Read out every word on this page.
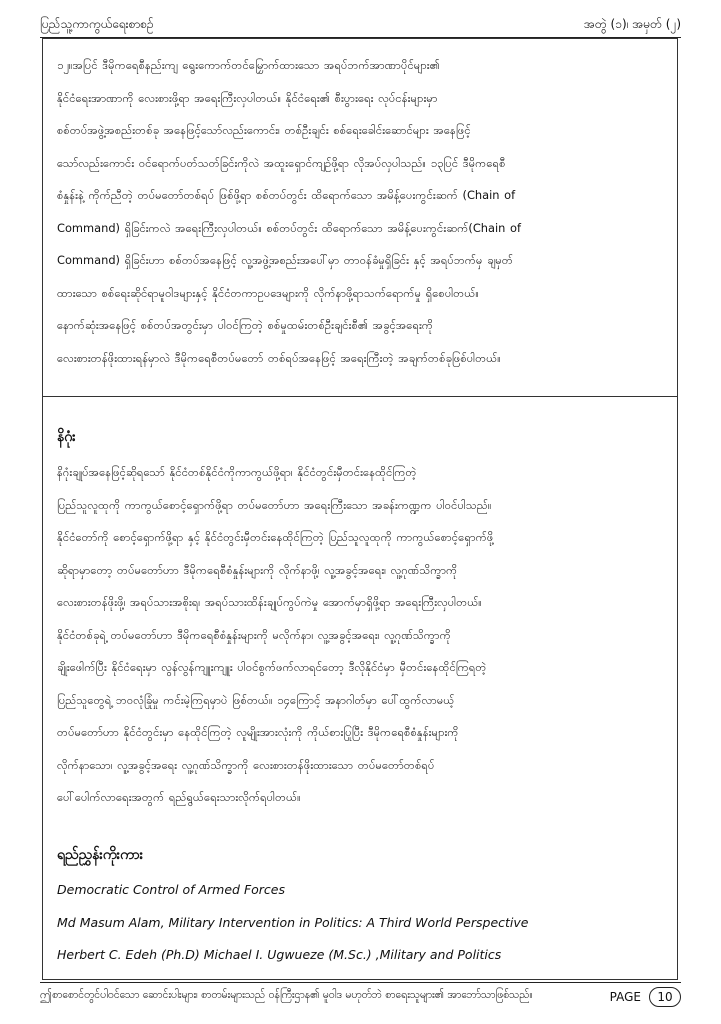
ပြည်သူ့ကာကွယ်ရေးစာစဉ်	အတွဲ (၁)၊ အမှတ် (၂)

၁၂။အပြင် ဒီမိုကရေစီနည်းကျ ရွေးကောက်တင်မြှောက်ထားသော အရပ်ဘက်အာဏာပိုင်များ၏
နိုင်ငံရေးအာဏာကို လေးစားဖို့ရာ အရေးကြီးလှပါတယ်။ နိုင်ငံရေး၏ စီးပွားရေး လုပ်ငန်းများမှာ
စစ်တပ်အဖွဲ့အစည်းတစ်ခု အနေဖြင့်သော်လည်းကောင်း၊ တစ်ဦးချင်း စစ်ရေးခေါင်းဆောင်များ အနေဖြင့်
သော်လည်းကောင်း ဝင်ရောက်ပတ်သတ်ခြင်းကိုလဲ အထူးရှောင်ကျဉ်ဖို့ရာ လိုအပ်လှပါသည်။ ၁၃ပြင် ဒီမိုကရေစီ
စံနှုန်းနဲ့ ကိုက်ညီတဲ့ တပ်မတော်တစ်ရပ် ဖြစ်ဖို့ရာ စစ်တပ်တွင်း ထိရောက်သော အမိန့်ပေးကွင်းဆက် (Chain of
Command) ရှိခြင်းကလဲ အရေးကြီးလှပါတယ်။ စစ်တပ်တွင်း ထိရောက်သော အမိန့်ပေးကွင်းဆက်(Chain of
Command) ရှိခြင်းဟာ စစ်တပ်အနေဖြင့် လူ့အဖွဲ့အစည်းအပေါ်မှာ တာဝန်ခံမှုရှိခြင်း နှင့် အရပ်ဘက်မှ ချမှတ်
ထားသော စစ်ရေးဆိုင်ရာမူဝါဒများနှင့် နိုင်ငံတကာဥပဒေများကို လိုက်နာဖို့ရာသက်ရောက်မှု ရှိစေပါတယ်။
နောက်ဆုံးအနေဖြင့် စစ်တပ်အတွင်းမှာ ပါဝင်ကြတဲ့ စစ်မှုထမ်းတစ်ဦးချင်းစီ၏ အခွင့်အရေးကို
လေးစားတန်ဖိုးထားရန်မှာလဲ ဒီမိုကရေစီတပ်မတော် တစ်ရပ်အနေဖြင့် အရေးကြီးတဲ့ အချက်တစ်ခုဖြစ်ပါတယ်။

နိဂုံး

နိဂုံးချုပ်အနေဖြင့်ဆိုရသော် နိုင်ငံတစ်နိုင်ငံကိုကာကွယ်ဖို့ရာ၊ နိုင်ငံတွင်းမှီတင်းနေထိုင်ကြတဲ့
ပြည်သူလူထုကို ကာကွယ်စောင့်ရှောက်ဖို့ရာ တပ်မတော်ဟာ အရေးကြီးသော အခန်းကဏ္ဍက ပါဝင်ပါသည်။
နိုင်ငံတော်ကို စောင့်ရှောက်ဖို့ရာ နှင့် နိုင်ငံတွင်းမှီတင်းနေထိုင်ကြတဲ့ ပြည်သူလူထုကို ကာကွယ်စောင့်ရှောက်ဖို့
ဆိုရာမှာတော့ တပ်မတော်ဟာ ဒီမိုကရေစီစံနှုန်းများကို လိုက်နာဖို့၊ လူ့အခွင့်အရေး၊ လူ့ဂုဏ်သိက္ခာကို
လေးစားတန်ဖိုးဖို့၊ အရပ်သားအစိုးရ၊ အရပ်သားထိန်းချုပ်ကွပ်ကဲမှု အောက်မှာရှိဖို့ရာ အရေးကြီးလှပါတယ်။
နိုင်ငံတစ်ခုရဲ့ တပ်မတော်ဟာ ဒီမိုကရေစီစံနှုန်းများကို မလိုက်နာ၊ လူ့အခွင့်အရေး၊ လူ့ဂုဏ်သိက္ခာကို
ချိုးဖေါက်ပြီး နိုင်ငံရေးမှာ လွန်လွန်ကျူးကျူး ပါဝင်စွက်ဖက်လာရင်တော့ ဒီလိုနိုင်ငံမှာ မှီတင်းနေထိုင်ကြရတဲ့
ပြည်သူတွေရဲ့ ဘဝလုံခြုံမှု ကင်းမဲ့ကြရမှာပဲ ဖြစ်တယ်။ ၁၄ကြောင့် အနာဂါတ်မှာ ပေါ်ထွက်လာမယ့်
တပ်မတော်ဟာ နိုင်ငံတွင်းမှာ နေထိုင်ကြတဲ့ လူမျိုးအားလုံးကို ကိုယ်စားပြုပြီး ဒီမိုကရေစီစံနှုန်းများကို
လိုက်နာသော၊ လူ့အခွင့်အရေး လူ့ဂုဏ်သိက္ခာကို လေးစားတန်ဖိုးထားသော တပ်မတော်တစ်ရပ်
ပေါ်ပေါက်လာရေးအတွက် ရည်ရွယ်ရေးသားလိုက်ရပါတယ်။

ရည်ညွှန်းကိုးကား

Democratic Control of Armed Forces

Md Masum Alam, Military Intervention in Politics: A Third World Perspective

Herbert C. Edeh (Ph.D) Michael I. Ugwueze (M.Sc.) ,Military and Politics

ဤစာစောင်တွင်ပါဝင်သော ဆောင်းပါးများ၊ စာတမ်းများသည် ဝန်ကြီးဌာန၏ မူဝါဒ မဟုတ်ဘဲ စာရေးသူများ၏ အာဘော်သာဖြစ်သည်။	PAGE	10
